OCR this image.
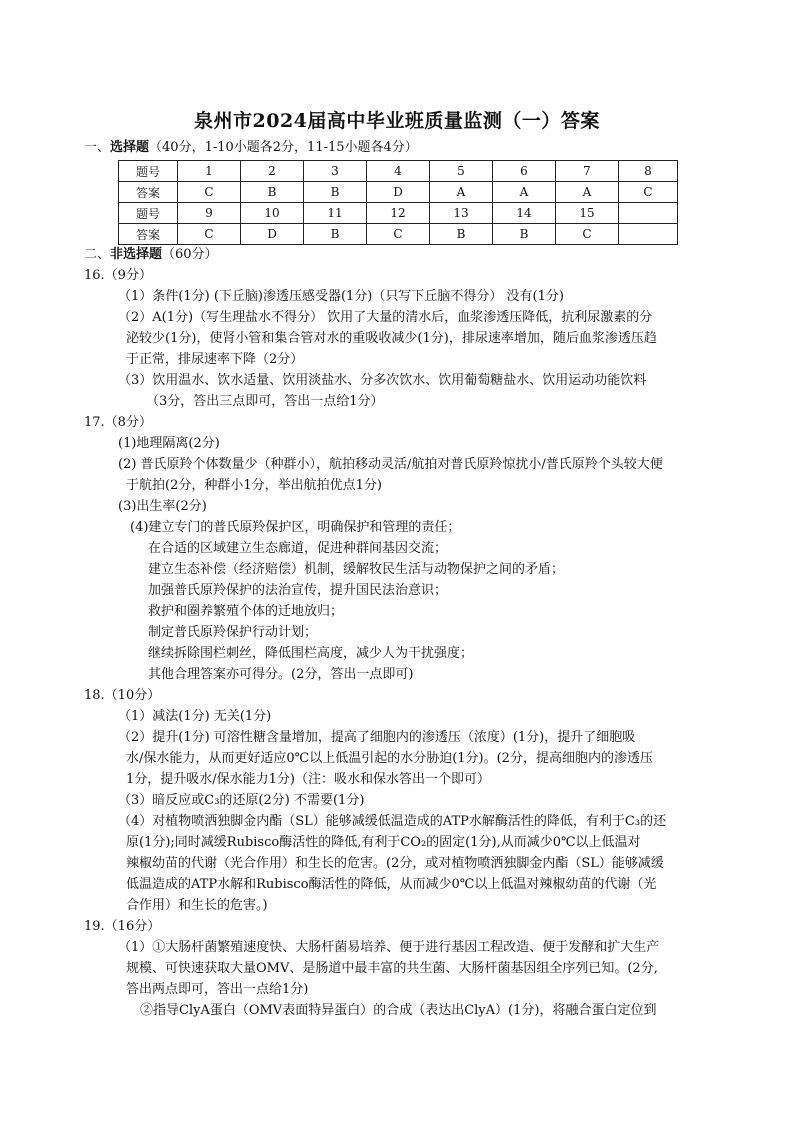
泉州市2024届高中毕业班质量监测（一）答案
一、选择题（40分，1-10小题各2分，11-15小题各4分）
题号	1	2	3	4	5	6	7	8
答案	C	B	B	D	A	A	A	C
题号	9	10	11	12	13	14	15	
答案	C	D	B	C	B	B	C	
二、非选择题（60分）
16.（9分）
（1）条件(1分) (下丘脑)渗透压感受器(1分)（只写下丘脑不得分） 没有(1分)
（2）A(1分)（写生理盐水不得分） 饮用了大量的清水后，血浆渗透压降低，抗利尿激素的分
泌较少(1分)，使肾小管和集合管对水的重吸收减少(1分)，排尿速率增加，随后血浆渗透压趋
于正常，排尿速率下降（2分）
（3）饮用温水、饮水适量、饮用淡盐水、分多次饮水、饮用葡萄糖盐水、饮用运动功能饮料
（3分，答出三点即可，答出一点给1分）
17.（8分）
(1)地理隔离(2分)
(2) 普氏原羚个体数量少（种群小），航拍移动灵活/航拍对普氏原羚惊扰小/普氏原羚个头较大便
于航拍(2分，种群小1分，举出航拍优点1分)
(3)出生率(2分)
(4)建立专门的普氏原羚保护区，明确保护和管理的责任；
在合适的区域建立生态廊道，促进种群间基因交流；
建立生态补偿（经济赔偿）机制，缓解牧民生活与动物保护之间的矛盾；
加强普氏原羚保护的法治宣传，提升国民法治意识；
救护和圈养繁殖个体的迁地放归；
制定普氏原羚保护行动计划；
继续拆除围栏刺丝，降低围栏高度，减少人为干扰强度；
其他合理答案亦可得分。(2分，答出一点即可)
18.（10分）
（1）减法(1分) 无关(1分)
（2）提升(1分) 可溶性糖含量增加，提高了细胞内的渗透压（浓度）(1分)，提升了细胞吸
水/保水能力，从而更好适应0℃以上低温引起的水分胁迫(1分)。(2分，提高细胞内的渗透压
1分，提升吸水/保水能力1分)（注：吸水和保水答出一个即可）
（3）暗反应或C₃的还原(2分) 不需要(1分)
（4）对植物喷洒独脚金内酯（SL）能够减缓低温造成的ATP水解酶活性的降低，有利于C₃的还
原(1分);同时减缓Rubisco酶活性的降低,有利于CO₂的固定(1分),从而减少0℃以上低温对
辣椒幼苗的代谢（光合作用）和生长的危害。(2分，或对植物喷洒独脚金内酯（SL）能够减缓
低温造成的ATP水解和Rubisco酶活性的降低，从而减少0℃以上低温对辣椒幼苗的代谢（光
合作用）和生长的危害。)
19.（16分）
（1）①大肠杆菌繁殖速度快、大肠杆菌易培养、便于进行基因工程改造、便于发酵和扩大生产
规模、可快速获取大量OMV、是肠道中最丰富的共生菌、大肠杆菌基因组全序列已知。(2分,
答出两点即可，答出一点给1分)
②指导ClyA蛋白（OMV表面特异蛋白）的合成（表达出ClyA）(1分)，将融合蛋白定位到
